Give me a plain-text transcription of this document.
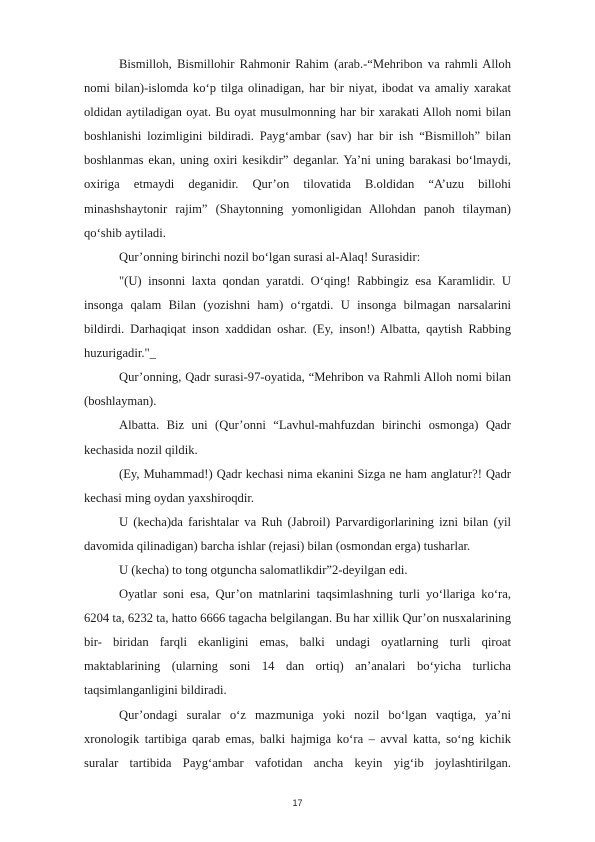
Bismilloh, Bismillohir Rahmonir Rahim (arab.-“Mehribon va rahmli Alloh nomi bilan)-islomda ko‘p tilga olinadigan, har bir niyat, ibodat va amaliy xarakat oldidan aytiladigan oyat. Bu oyat musulmonning har bir xarakati Alloh nomi bilan boshlanishi lozimligini bildiradi. Payg‘ambar (sav) har bir ish “Bismilloh” bilan boshlanmas ekan, uning oxiri kesikdir” deganlar. Ya’ni uning barakasi bo‘lmaydi, oxiriga etmaydi deganidir. Qur’on tilovatida B.oldidan “A’uzu billohi minashshaytonir rajim” (Shaytonning yomonligidan Allohdan panoh tilayman) qo‘shib aytiladi.

Qur’onning birinchi nozil bo‘lgan surasi al-Alaq! Surasidir:

"(U) insonni laxta qondan yaratdi. O‘qing! Rabbingiz esa Karamlidir. U insonga qalam Bilan (yozishni ham) o‘rgatdi. U insonga bilmagan narsalarini bildirdi. Darhaqiqat inson xaddidan oshar. (Ey, inson!) Albatta, qaytish Rabbing huzurigadir."_

Qur’onning, Qadr surasi-97-oyatida, “Mehribon va Rahmli Alloh nomi bilan (boshlayman).

Albatta. Biz uni (Qur’onni “Lavhul-mahfuzdan birinchi osmonga) Qadr kechasida nozil qildik.

(Ey, Muhammad!) Qadr kechasi nima ekanini Sizga ne ham anglatur?! Qadr kechasi ming oydan yaxshiroqdir.

U (kecha)da farishtalar va Ruh (Jabroil) Parvardigorlarining izni bilan (yil davomida qilinadigan) barcha ishlar (rejasi) bilan (osmondan erga) tusharlar.

U (kecha) to tong otguncha salomatlikdir”2-deyilgan edi.

Oyatlar soni esa, Qur’on matnlarini taqsimlashning turli yo‘llariga ko‘ra, 6204 ta, 6232 ta, hatto 6666 tagacha belgilangan. Bu har xillik Qur’on nusxalarining bir- biridan farqli ekanligini emas, balki undagi oyatlarning turli qiroat maktablarining (ularning soni 14 dan ortiq) an’analari bo‘yicha turlicha taqsimlanganligini bildiradi.

Qur’ondagi suralar o‘z mazmuniga yoki nozil bo‘lgan vaqtiga, ya’ni xronologik tartibiga qarab emas, balki hajmiga ko‘ra – avval katta, so‘ng kichik suralar tartibida Payg‘ambar vafotidan ancha keyin yig‘ib joylashtirilgan.

17
